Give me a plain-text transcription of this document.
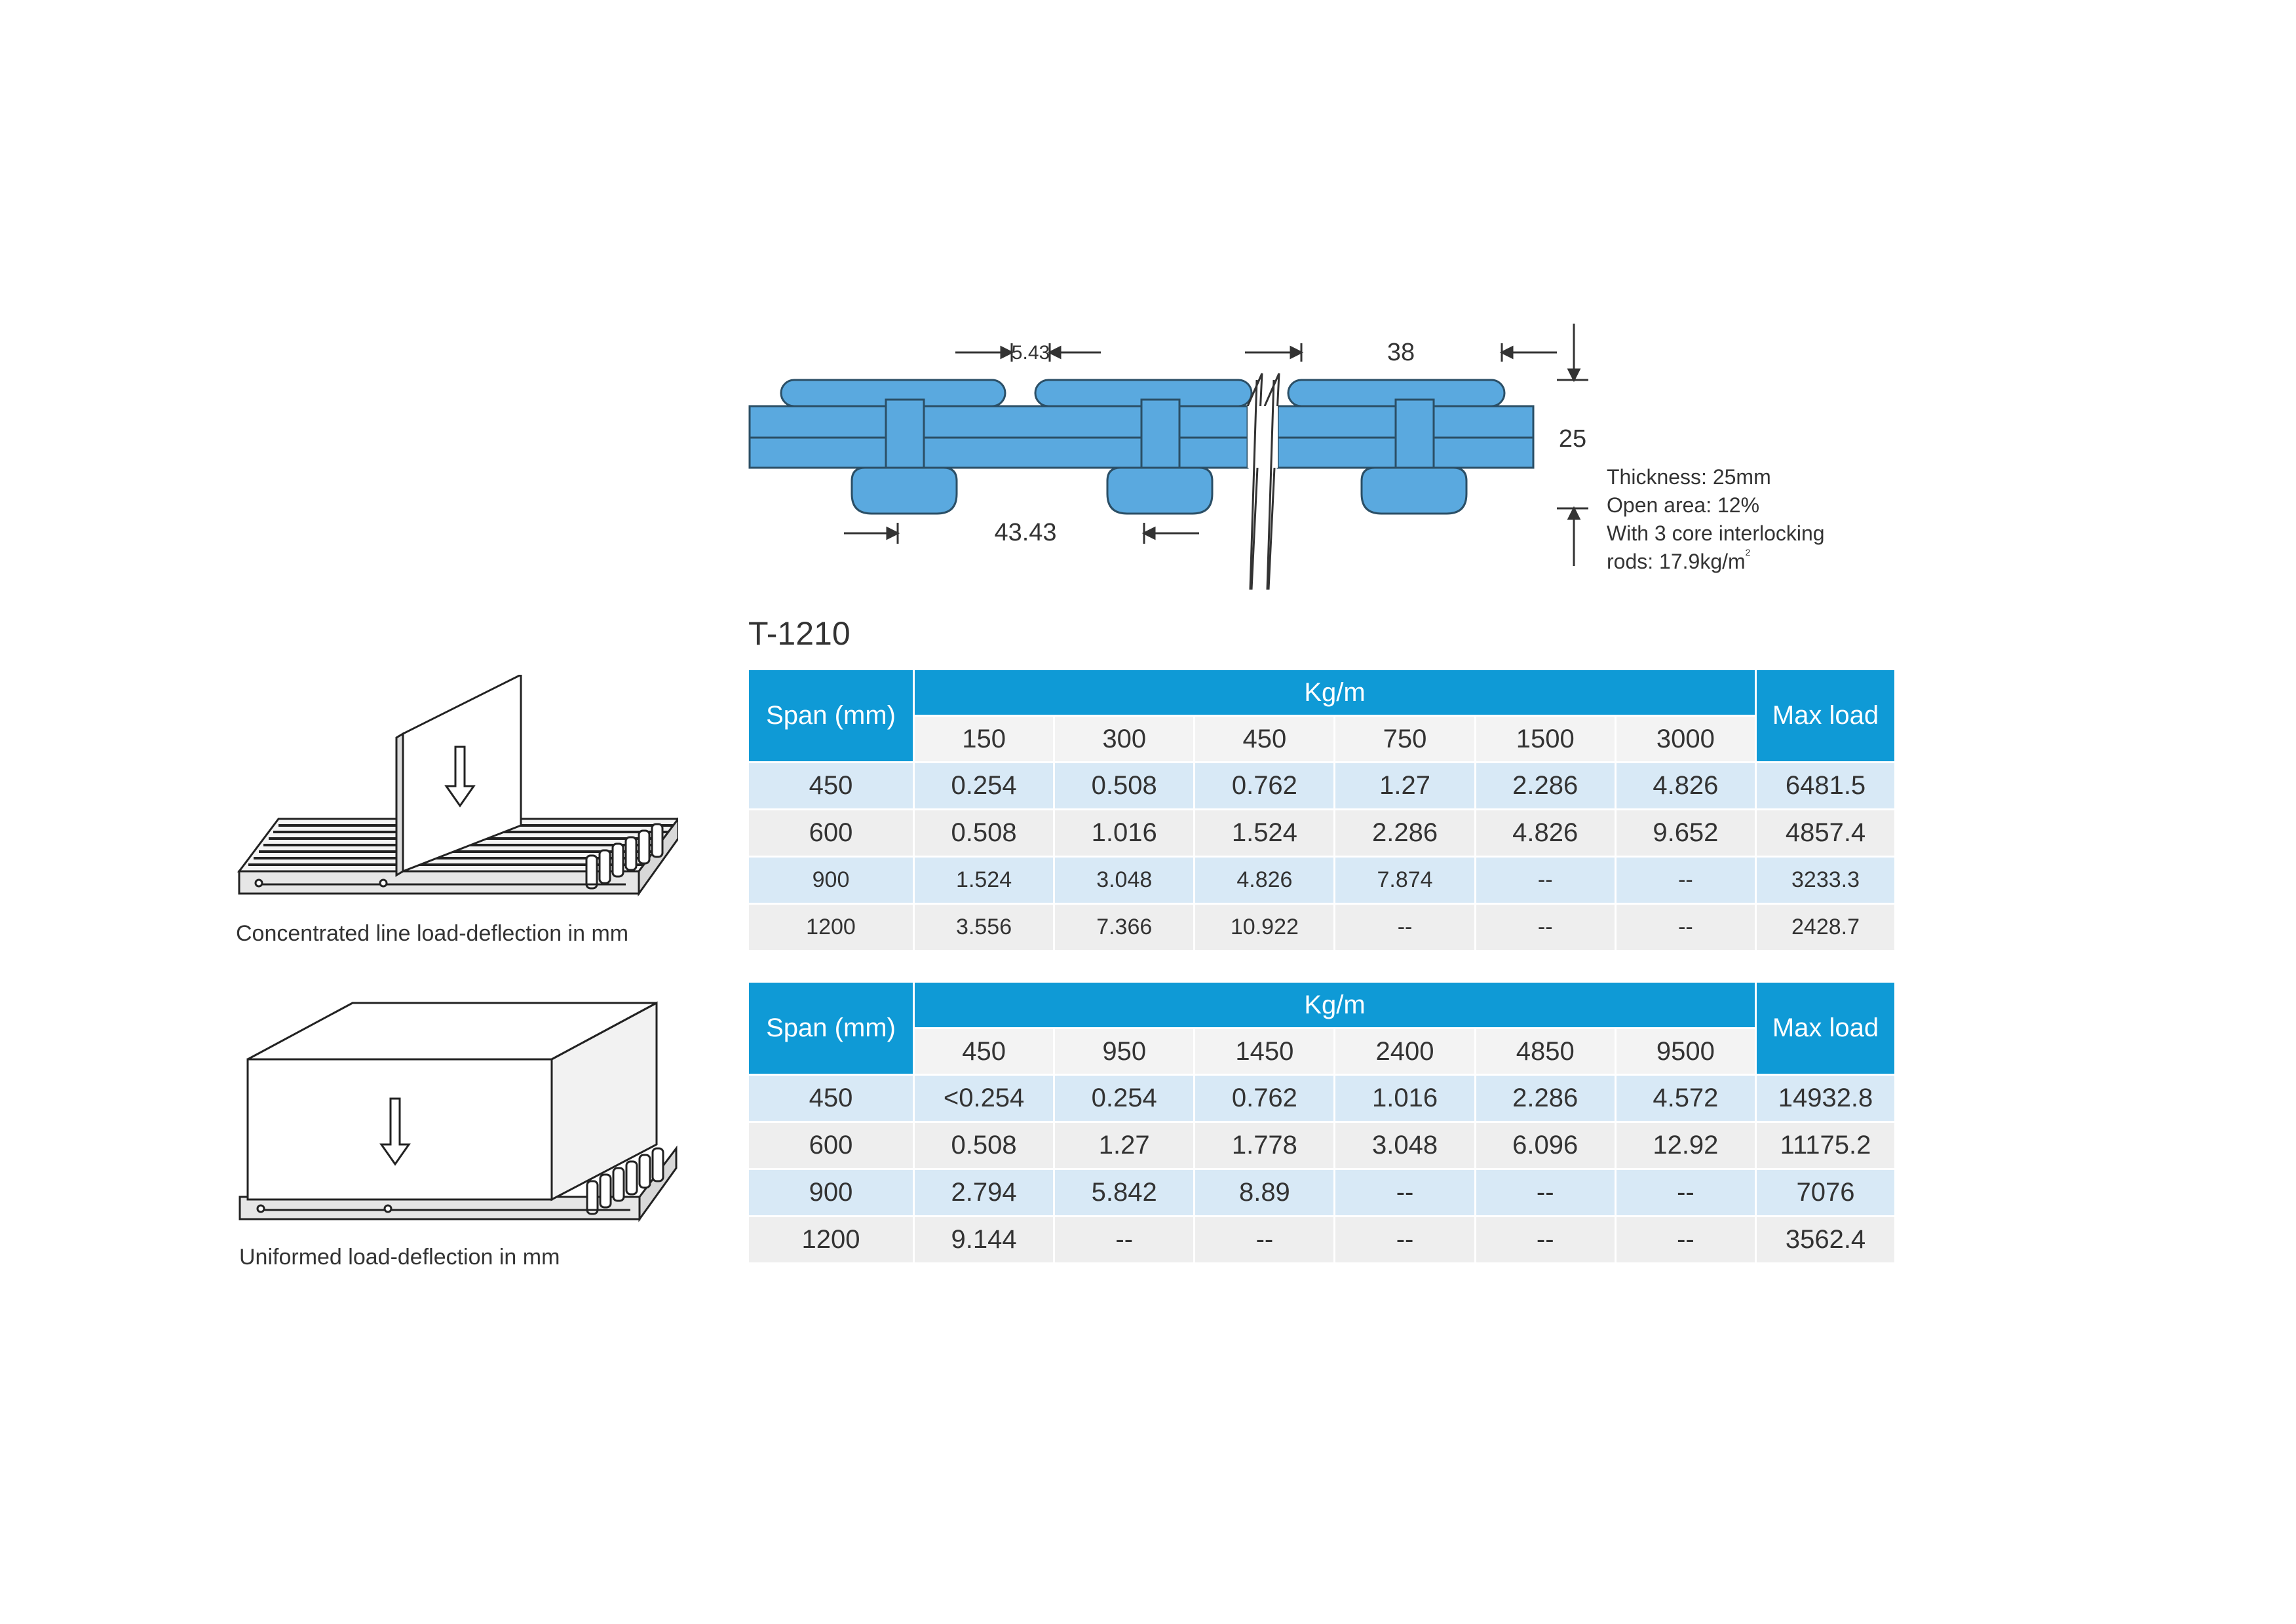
5.43	38
25
43.43
Thickness: 25mm
Open area: 12%
With 3 core interlocking
rods: $17.9kg/m^2$
T-1210
Concentrated line load-deflection in mm
Uniformed load-deflection in mm
Span (mm)	Kg/m						Max load
	150	300	450	750	1500	3000	
450	0.254	0.508	0.762	1.27	2.286	4.826	6481.5
600	0.508	1.016	1.524	2.286	4.826	9.652	4857.4
900	1.524	3.048	4.826	7.874	--	--	3233.3
1200	3.556	7.366	10.922	--	--	--	2428.7
Span (mm)	Kg/m						Max load
	450	950	1450	2400	4850	9500	
450	<0.254	0.254	0.762	1.016	2.286	4.572	14932.8
600	0.508	1.27	1.778	3.048	6.096	12.92	11175.2
900	2.794	5.842	8.89	--	--	--	7076
1200	9.144	--	--	--	--	--	3562.4
